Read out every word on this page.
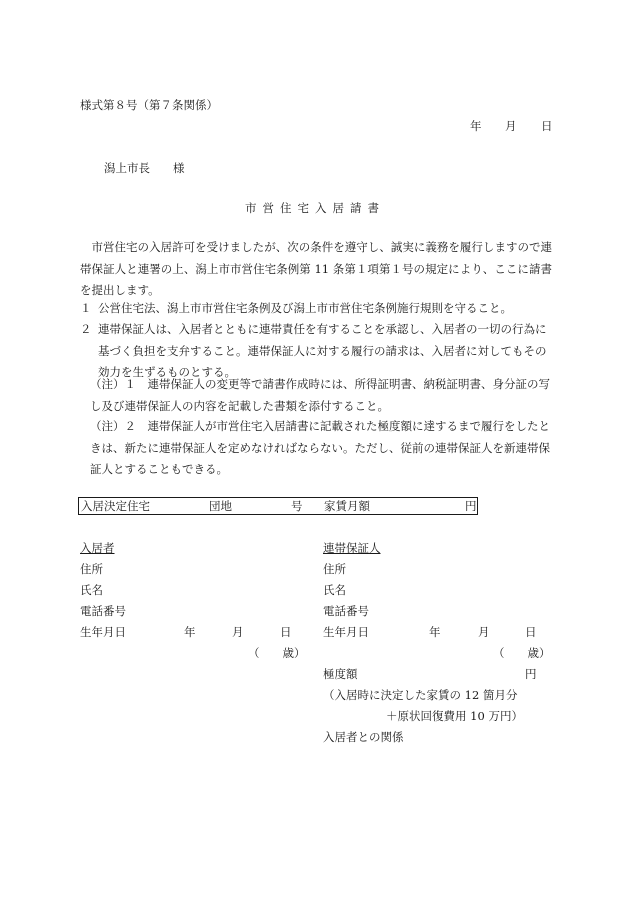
様式第８号（第７条関係）
年 月 日
潟上市長　　様
市営住宅入居請書
市営住宅の入居許可を受けましたが、次の条件を遵守し、誠実に義務を履行しますので連帯保証人と連署の上、潟上市市営住宅条例第 11 条第１項第１号の規定により、ここに請書を提出します。
１ 公営住宅法、潟上市市営住宅条例及び潟上市市営住宅条例施行規則を守ること。
２ 連帯保証人は、入居者とともに連帯責任を有することを承認し、入居者の一切の行為に基づく負担を支弁すること。連帯保証人に対する履行の請求は、入居者に対してもその効力を生ずるものとする。
（注）１　 連帯保証人の変更等で請書作成時には、所得証明書、納税証明書、身分証の写し及び連帯保証人の内容を記載した書類を添付すること。
（注）２　 連帯保証人が市営住宅入居請書に記載された極度額に達するまで履行をしたときは、新たに連帯保証人を定めなければならない。ただし、従前の連帯保証人を新連帯保証人とすることもできる。
入居決定住宅	団地	号 家賃月額	円
入居者
住所
氏名
電話番号
生年月日	年	月	日
（　　歳）
連帯保証人
住所
氏名
電話番号
生年月日	年	月	日
（　　歳）
極度額	円
（入居時に決定した家賃の 12 箇月分
＋原状回復費用 10 万円）
入居者との関係
